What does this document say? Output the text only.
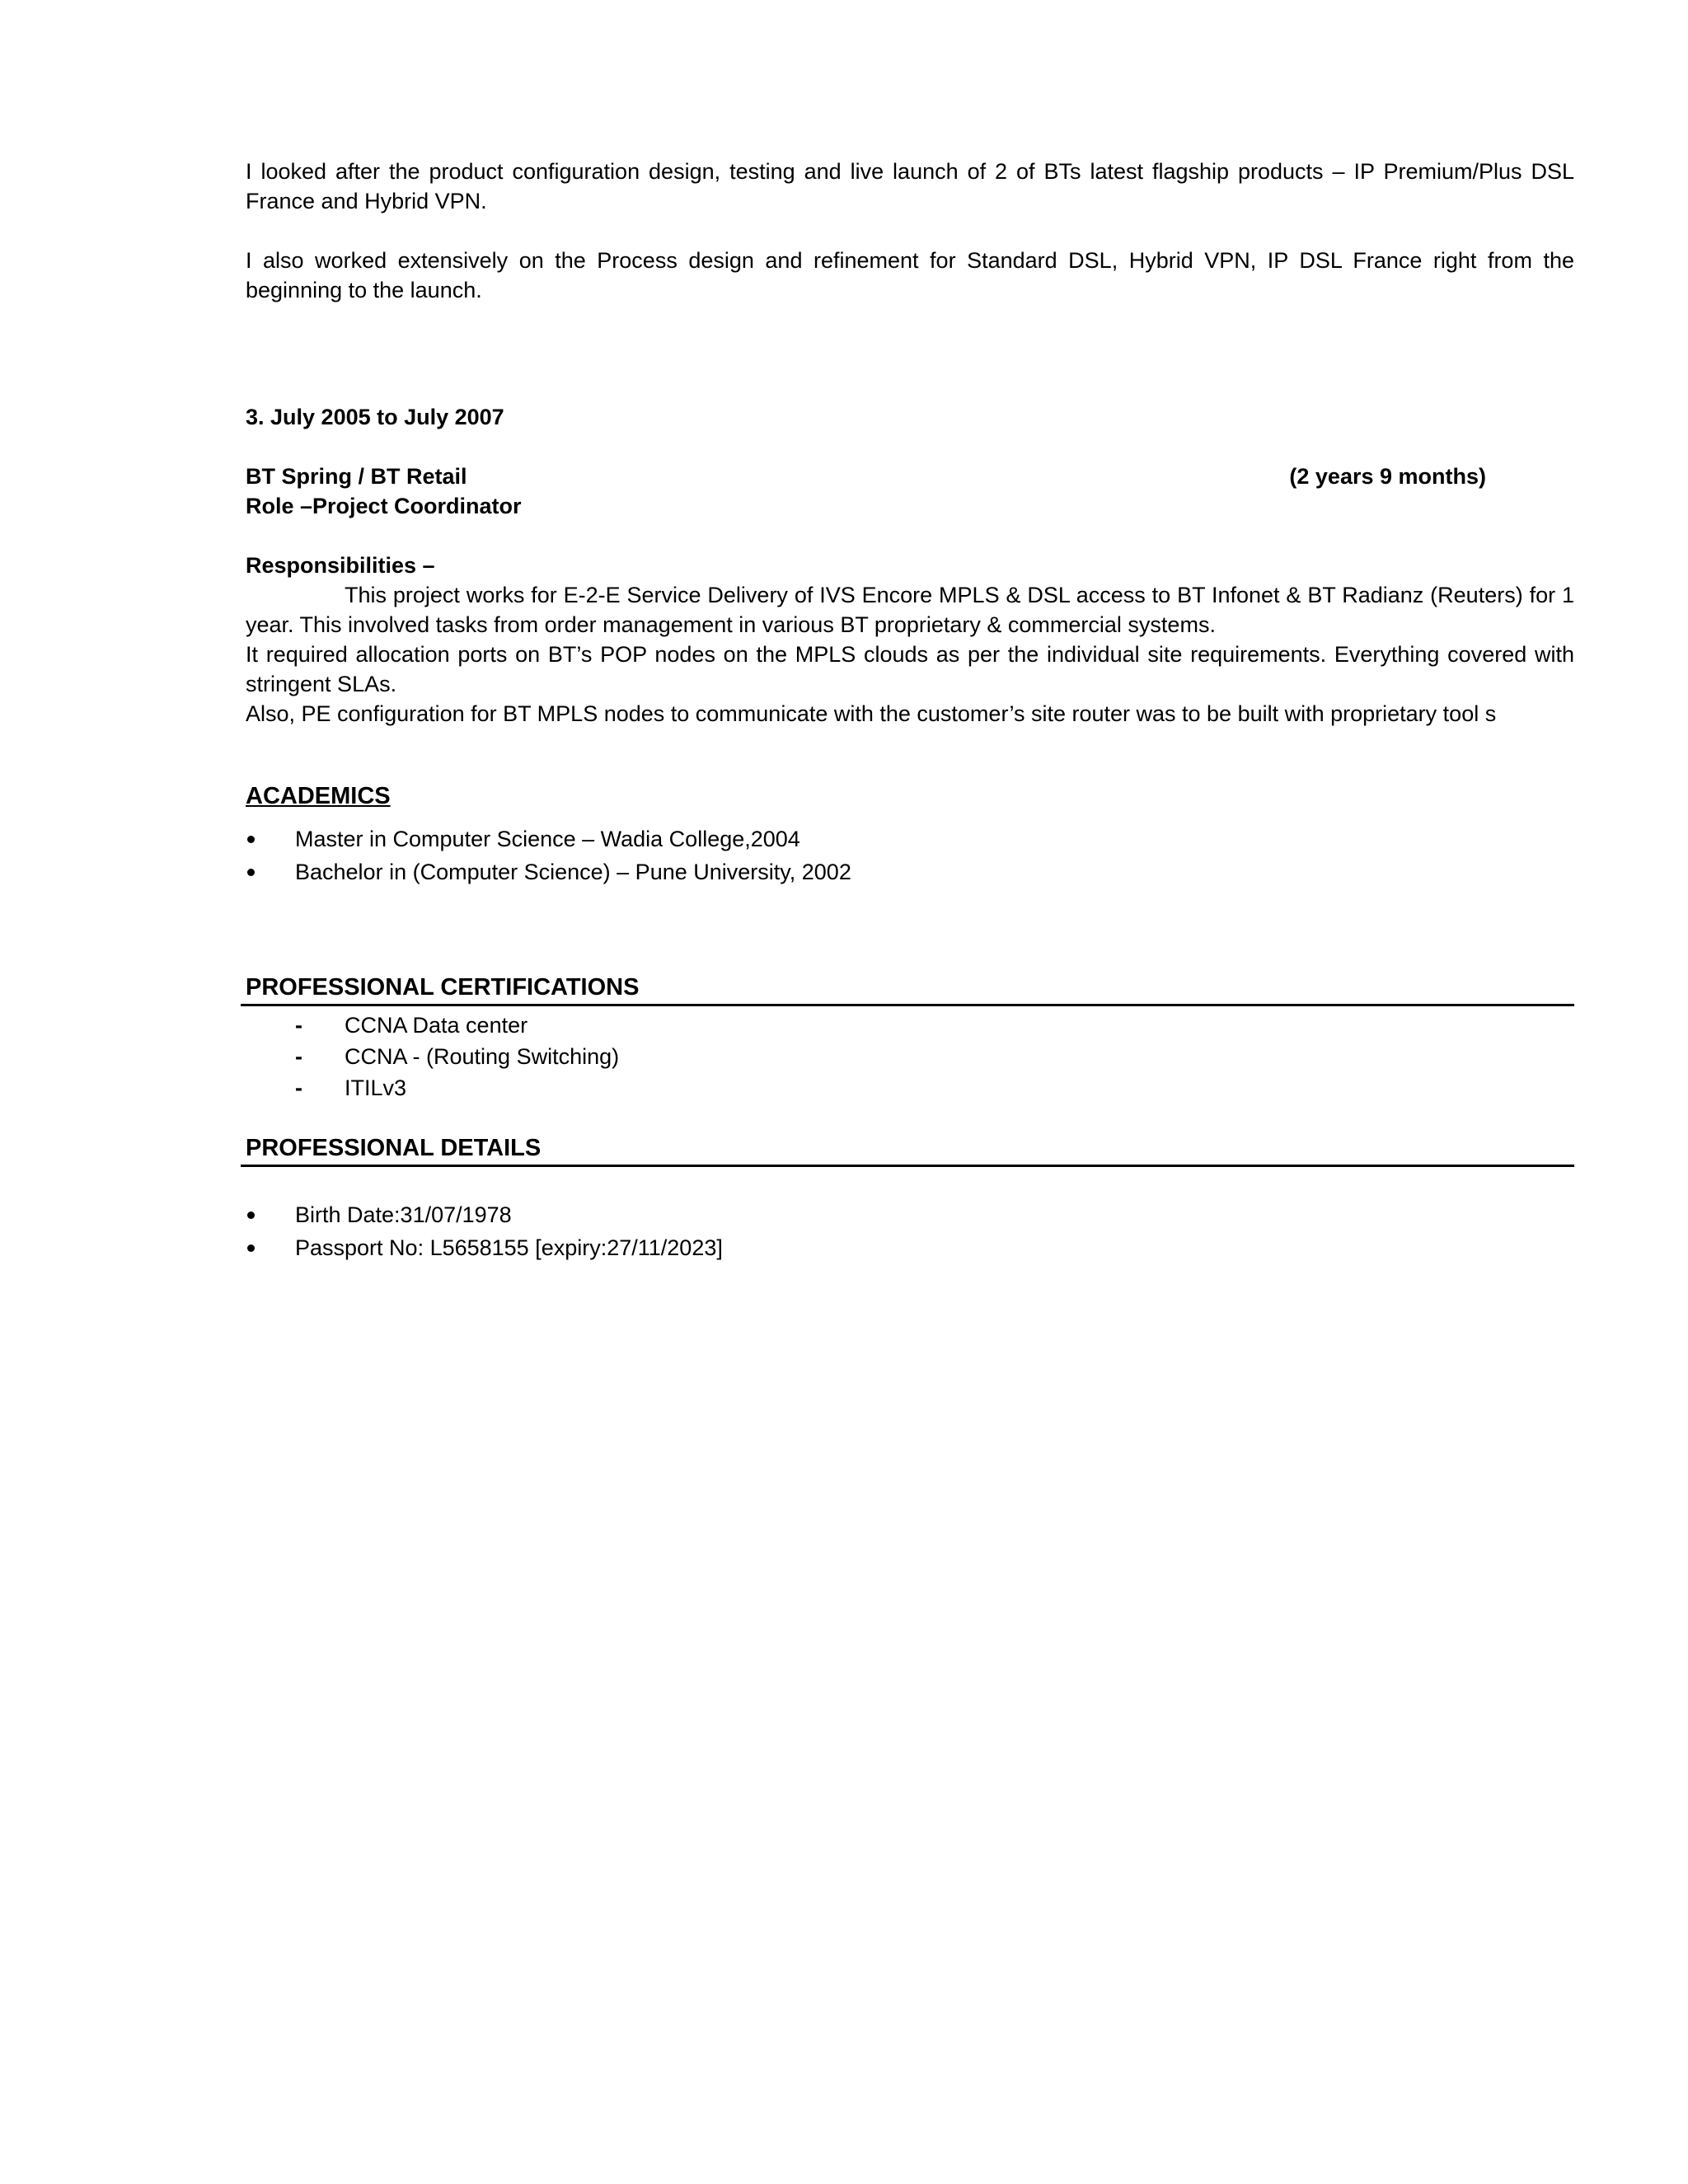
I looked after the product configuration design, testing and live launch of 2 of BTs latest flagship products – IP Premium/Plus DSL France and Hybrid VPN.

I also worked extensively on the Process design and refinement for Standard DSL, Hybrid VPN, IP DSL France right from the beginning to the launch.

3. July 2005 to July 2007
BT Spring / BT Retail	(2 years 9 months)
Role –Project Coordinator
Responsibilities –

This project works for E-2-E Service Delivery of IVS Encore MPLS & DSL access to BT Infonet & BT Radianz (Reuters) for 1 year. This involved tasks from order management in various BT proprietary & commercial systems.

It required allocation ports on BT’s POP nodes on the MPLS clouds as per the individual site requirements. Everything covered with stringent SLAs.

Also, PE configuration for BT MPLS nodes to communicate with the customer’s site router was to be built with proprietary tool s

ACADEMICS
Master in Computer Science – Wadia College,2004
Bachelor in (Computer Science) – Pune University, 2002
PROFESSIONAL CERTIFICATIONS
- CCNA Data center
- CCNA - (Routing Switching)
- ITILv3
PROFESSIONAL DETAILS
Birth Date:31/07/1978
Passport No: L5658155 [expiry:27/11/2023]
